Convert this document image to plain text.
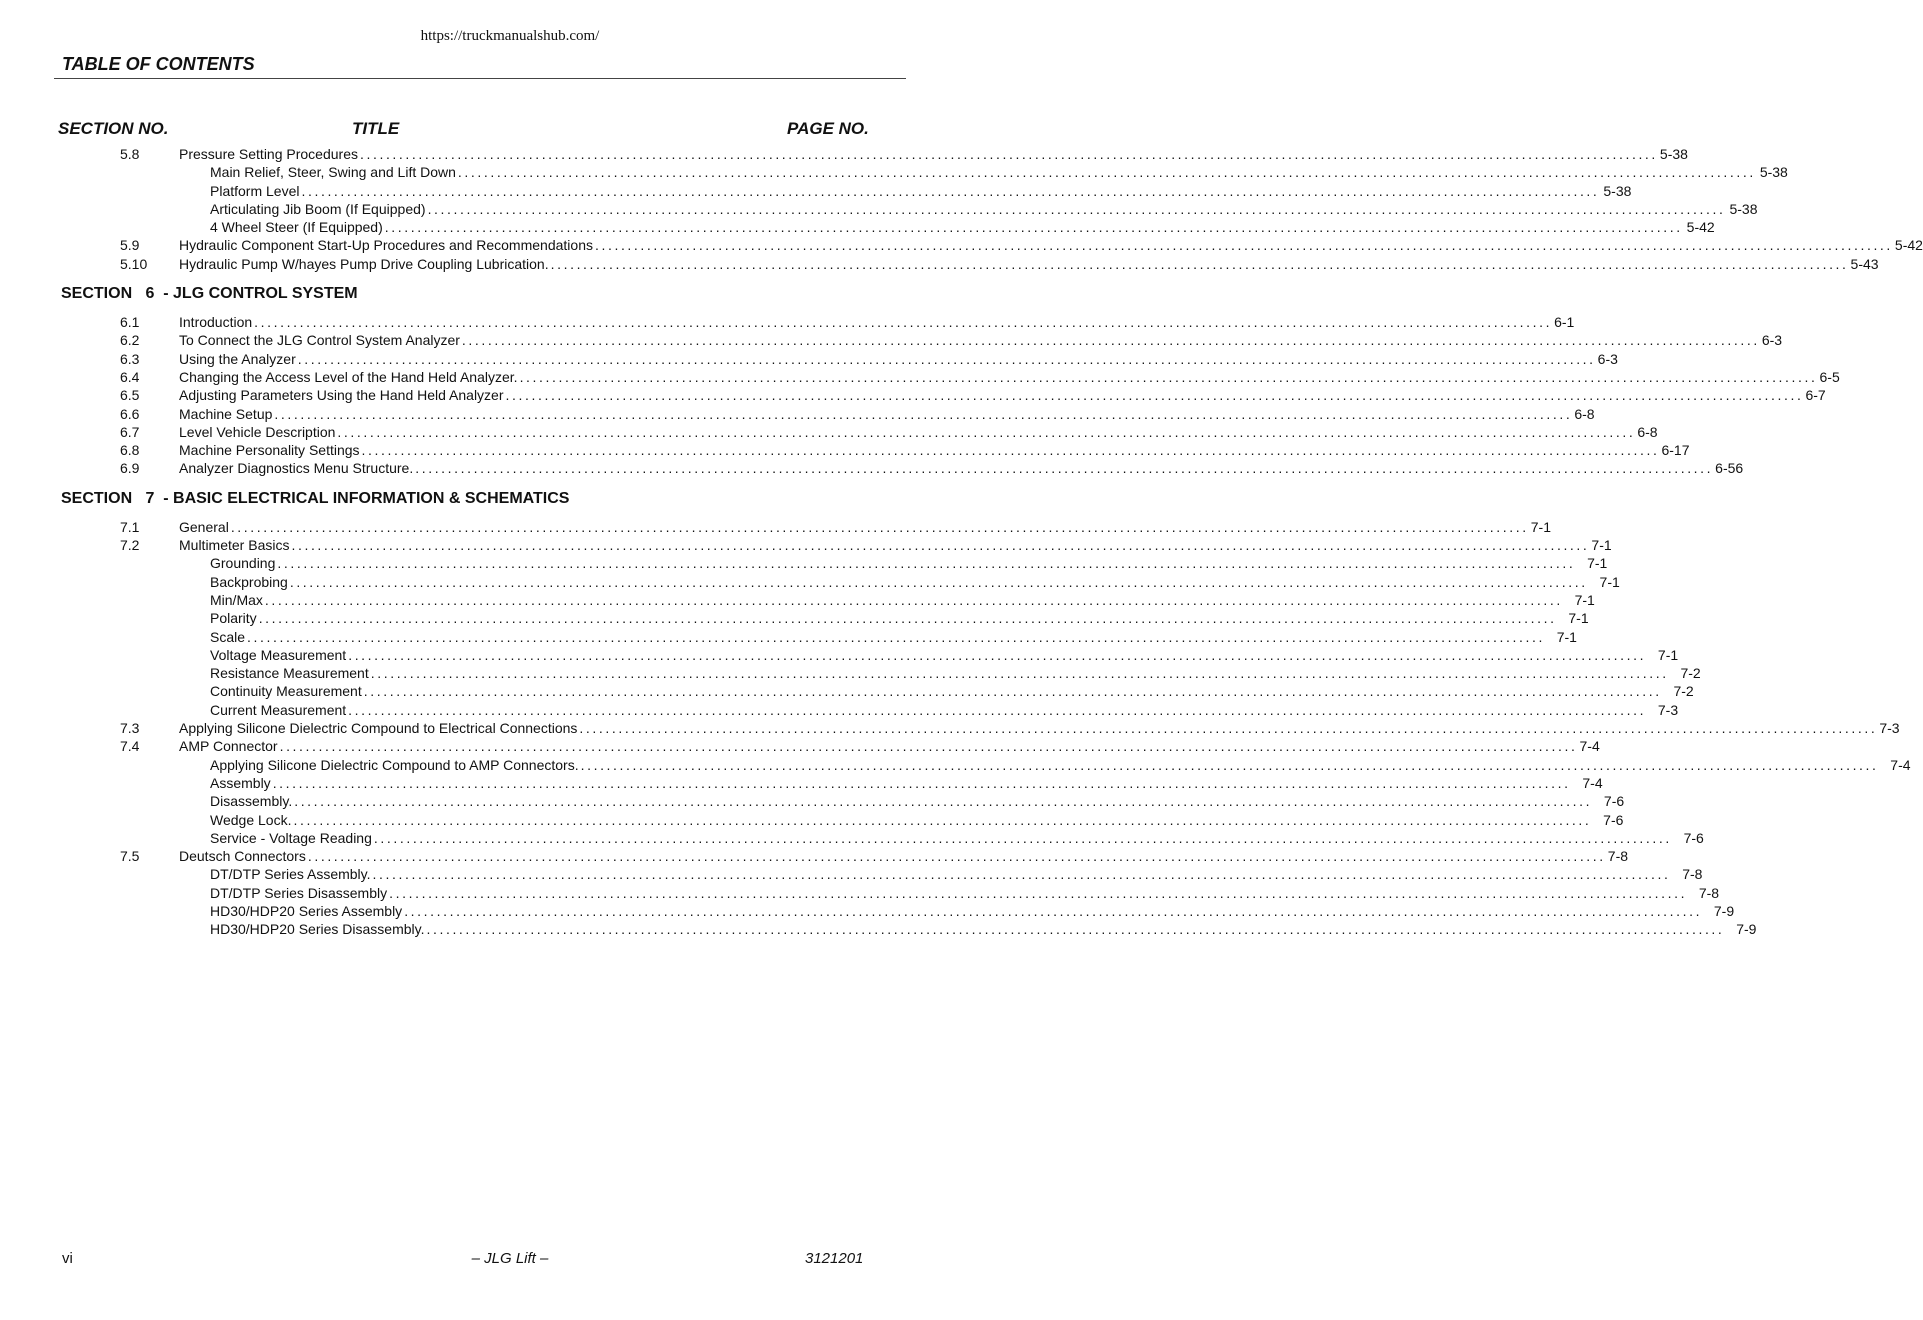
https://truckmanualshub.com/
TABLE OF CONTENTS
SECTION NO.	TITLE	PAGE NO.
5.8	Pressure Setting Procedures ........................................................................................................................................................................................................ 5-38
Main Relief, Steer, Swing and Lift Down ........................................................................................................................................................................................................ 5-38
Platform Level ........................................................................................................................................................................................................ 5-38
Articulating Jib Boom (If Equipped) ........................................................................................................................................................................................................ 5-38
4 Wheel Steer (If Equipped) ........................................................................................................................................................................................................ 5-42
5.9	Hydraulic Component Start-Up Procedures and Recommendations ........................................................................................................................................................................................................ 5-42
5.10 Hydraulic Pump W/hayes Pump Drive Coupling Lubrication. ........................................................................................................................................................................................................ 5-43
SECTION   6  - JLG CONTROL SYSTEM
6.1	Introduction ........................................................................................................................................................................................................ 6-1
6.2	To Connect the JLG Control System Analyzer ........................................................................................................................................................................................................ 6-3
6.3	Using the Analyzer ........................................................................................................................................................................................................ 6-3
6.4	Changing the Access Level of the Hand Held Analyzer. ........................................................................................................................................................................................................ 6-5
6.5	Adjusting Parameters Using the Hand Held Analyzer ........................................................................................................................................................................................................ 6-7
6.6	Machine Setup ........................................................................................................................................................................................................ 6-8
6.7	Level Vehicle Description ........................................................................................................................................................................................................ 6-8
6.8	Machine Personality Settings ........................................................................................................................................................................................................ 6-17
6.9	Analyzer Diagnostics Menu Structure. ........................................................................................................................................................................................................ 6-56
SECTION   7  - BASIC ELECTRICAL INFORMATION & SCHEMATICS
7.1	General ........................................................................................................................................................................................................ 7-1
7.2	Multimeter Basics ........................................................................................................................................................................................................ 7-1
Grounding ........................................................................................................................................................................................................ 7-1
Backprobing ........................................................................................................................................................................................................ 7-1
Min/Max ........................................................................................................................................................................................................ 7-1
Polarity ........................................................................................................................................................................................................ 7-1
Scale ........................................................................................................................................................................................................ 7-1
Voltage Measurement ........................................................................................................................................................................................................ 7-1
Resistance Measurement ........................................................................................................................................................................................................ 7-2
Continuity Measurement ........................................................................................................................................................................................................ 7-2
Current Measurement ........................................................................................................................................................................................................ 7-3
7.3	Applying Silicone Dielectric Compound to Electrical Connections ........................................................................................................................................................................................................ 7-3
7.4	AMP Connector ........................................................................................................................................................................................................ 7-4
Applying Silicone Dielectric Compound to AMP Connectors. ........................................................................................................................................................................................................ 7-4
Assembly ........................................................................................................................................................................................................ 7-4
Disassembly. ........................................................................................................................................................................................................ 7-6
Wedge Lock. ........................................................................................................................................................................................................ 7-6
Service - Voltage Reading ........................................................................................................................................................................................................ 7-6
7.5	Deutsch Connectors ........................................................................................................................................................................................................ 7-8
DT/DTP Series Assembly. ........................................................................................................................................................................................................ 7-8
DT/DTP Series Disassembly ........................................................................................................................................................................................................ 7-8
HD30/HDP20 Series Assembly ........................................................................................................................................................................................................ 7-9
HD30/HDP20 Series Disassembly. ........................................................................................................................................................................................................ 7-9
vi	– JLG Lift –	3121201
